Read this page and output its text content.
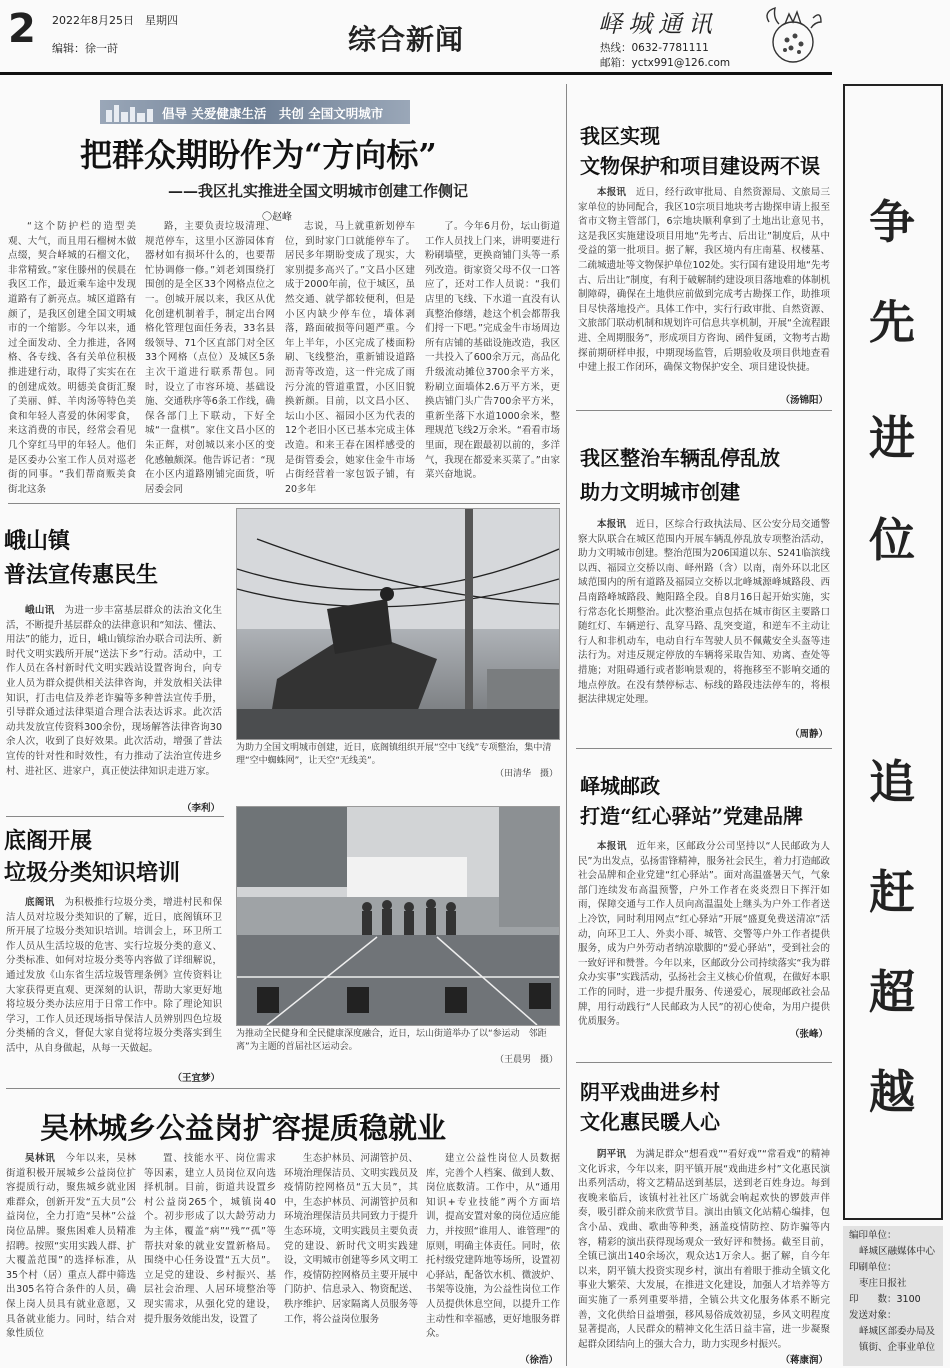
2 2022年8月25日　星期四
编辑：徐一莳	综合新闻	峄城通讯
热线：0632-7781111
邮箱：yctx991@126.com
倡导 关爱健康生活　共创 全国文明城市
把群众期盼作为“方向标”
——我区扎实推进全国文明城市创建工作侧记
〇赵峰

“这个防护栏的造型美观、大气，而且用石榴树木做点缀，契合峄城的石榴文化，非常精致。”家住滕州的侯晨在我区工作，最近乘车途中发现道路有了新亮点。城区道路有颜了，是我区创建全国文明城市的一个缩影。今年以来，通过全面发动、全力推进，各网格、各专线、各有关单位积极推进建行动，取得了实实在在的创建成效。明德美食街汇聚了美丽、鲜、羊肉汤等特色美食和年轻人喜爱的休闲零食，来这消费的市民，经常会看见几个穿红马甲的年轻人。他们是区委办公室工作人员对巡老街的同事。“我们帮商贩美食街北这条

路，主要负责垃圾清理、规范停车，这里小区游园体育器材如有损坏什么的，也要帮忙协调修一修。”刘老刘围绕打围创的是全区33个网格点位之一。创城开展以来，我区从优化创建机制着手，制定出台网格化管理包面任务表，33名县级领导、71个区直部门对全区33个网格（点位）及城区5条主次干道进行联系帮包。同时，设立了市容环境、基础设施、交通秩序等6条工作线，确保各部门上下联动，下好全城“一盘棋”。家住文昌小区的朱正辉，对创城以来小区的变化感触颇深。他告诉记者：“现在小区内道路刚铺完面货，听居委会同

志说，马上就重新划停车位，到时家门口就能停车了。居民多年期盼变成了现实，大家别提多高兴了。”文昌小区建成于2000年前，位于城区，虽然交通、就学都较便利，但是小区内缺少停车位，墙体剥落，路面破损等问题严重。今年上半年，小区完成了楼面粉刷、飞线整治，重新铺设道路沥青等改造，这一件完成了雨污分流的管道重置，小区旧貌换新颜。目前，以文昌小区、坛山小区、福园小区为代表的12个老旧小区已基本完成主体改造。和来王春在困样感受的是街管委会，她家住金牛市场占街经营着一家包饭子铺，有20多年

了。今年6月份，坛山街道工作人员找上门来，讲明要进行粉刷墙壁，更换商铺门头等一系列改造。街家资父母不仅一口答应了，还对工作人员说：“我们店里的飞线、下水道一直没有认真整治修缮，趁这个机会都帮我们捋一下吧。”完成金牛市场周边所有店铺的基础设施改造，我区一共投入了600余万元，高品化升级流动摊位3700余平方米，粉刷立面墙体2.6万平方米，更换店铺门头广告700余平方米，重新坐落下水道1000余米，整理规范飞线2万余米。“看看市场里面，现在跟最初以前的，多洋气，我现在都爱来买菜了。”由家菜兴奋地说。

峨山镇
普法宣传惠民生

峨山讯　 为进一步丰富基层群众的法治文化生活，不断提升基层群众的法律意识和“知法、懂法、用法”的能力，近日，峨山镇综治办联合司法所、新时代文明实践所开展“送法下乡”行动。活动中，工作人员在各村新时代文明实践站设置咨询台，向专业人员为群众提供相关法律咨询，并发放相关法律知识，打击电信及养老诈骗等多种普法宣传手册，引导群众通过法律渠道合理合法表达诉求。此次活动共发放宣传资料300余份，现场解答法律咨询30余人次，收到了良好效果。此次活动，增强了普法宣传的针对性和时效性，有力推动了法治宣传进乡村、进社区、进家户，真正使法律知识走进万家。

（李利）
为助力全国文明城市创建，近日，底阁镇组织开展“空中飞线”专项整治，集中清理“空中蜘蛛网”，让天空“无线美”。
（田清华　摄）
底阁开展
垃圾分类知识培训

底阁讯　 为积极推行垃圾分类，增进村民和保洁人员对垃圾分类知识的了解，近日，底阁镇环卫所开展了垃圾分类知识培训。培训会上，环卫所工作人员从生活垃圾的危害、实行垃圾分类的意义、分类标准、如何对垃圾分类等内容做了详细解说，通过发放《山东省生活垃圾管理条例》宣传资料让大家获得更直观、更深刻的认识，帮助大家更好地将垃圾分类办法应用于日常工作中。除了理论知识学习，工作人员还现场指导保洁人员辨别四色垃圾分类桶的含义，督促大家自觉将垃圾分类落实到生活中，从自身做起，从每一天做起。

（王宜梦）
为推动全民健身和全民健康深度融合，近日，坛山街道举办了以“参运动　邻距离”为主题的首届社区运动会。
（王晨男　摄）
吴林城乡公益岗扩容提质稳就业

吴林讯　 今年以来，吴林街道积极开展城乡公益岗位扩容提质行动，聚焦城乡就业困难群众，创新开发“五大员”公益岗位，全力打造“吴林”公益岗位品牌。聚焦困难人员精准招聘。按照“实用实践人群、扩大覆盖范围”的选择标准，从35个村（居）重点人群中筛选出305名符合条件的人员，确保上岗人员具有就业意愿，又具备就业能力。同时，结合对象性质位

置、技能水平、岗位需求等因素，建立人员岗位双向选择机制。目前，街道共设置乡村公益岗265个，城镇岗40个。初步形成了以大龄劳动力为主体，覆盖“病”“残”“孤”等帮扶对象的就业安置新格局。围绕中心任务设置“五大员”。立足党的建设、乡村振兴、基层社会治理、人居环境整治等现实需求，从强化党的建设，提升服务效能出发，设置了

生态护林员、河湖管护员、环境治理保洁员、文明实践员及疫情防控网格员“五大员”，其中，生态护林员、河湖管护员和环境治理保洁员共同致力于提升生态环境，文明实践员主要负责党的建设、新时代文明实践建设，文明城市创建等乡风文明工作，疫情防控网格员主要开展中门防护、信息录入、物资配送、秩序维护、居家隔离人员服务等工作，将公益岗位服务

建立公益性岗位人员数据库，完善个人档案、做到人数、岗位底数清。工作中，从“通用知识+专业技能”两个方面培训，提高安置对象的岗位适应能力，并按照“谁用人、谁管理”的原则，明确主体责任。同时，依托村级党建阵地等场所，设置初心驿站，配备饮水机、微波炉、书架等设施，为公益性岗位工作人员提供休息空间，以提升工作主动性和幸福感，更好地服务群众。

（徐浩）
我区实现
文物保护和项目建设两不误

本报讯　 近日，经行政审批局、自然资源局、文旅局三家单位的协同配合，我区10宗项目地块考古勘探申请上报至省市文物主管部门，6宗地块顺利拿到了土地出让意见书，这是我区实施建设项目用地“先考古、后出让”制度后，从中受益的第一批项目。据了解，我区境内有庄南墓、权楼墓、二疏城遗址等文物保护单位102处。实行国有建设用地“先考古、后出让”制度，有利于破解制约建设项目落地难的体制机制障碍，确保在土地供应前做到完成考古勘探工作，助推项目尽快落地投产。具体工作中，实行行政审批、自然资源、文旅部门联动机制和规划许可信息共享机制，开展“全流程跟进、全周期服务”，形成项目方咨询、函件复函，文物考古勘探前期研样申报，中期现场监管，后期验收及项目供地查看中建上报工作闭环，确保文物保护安全、项目建设快捷。

（汤锦阳）
我区整治车辆乱停乱放
助力文明城市创建

本报讯　 近日，区综合行政执法局、区公安分局交通警察大队联合在城区范围内开展车辆乱停乱放专项整治活动，助力文明城市创建。整治范围为206国道以东、S241临滨线以西、福园立交桥以南、峄州路（含）以南，南外环以北区域范围内的所有道路及福园立交桥以北峰城源峰城路段、西昌南路峰城路段、鲍阳路全段。自8月16日起开始实施，实行常态化长期整治。此次整治重点包括在城市街区主要路口随红灯、车辆逆行、乱穿马路、乱突变道，和逆车不主动让行人和非机动车，电动自行车驾驶人员不佩戴安全头盔等违法行为。对违反规定停放的车辆将采取告知、劝离、查处等措施；对阻碍通行或者影响景观的，将拖移至不影响交通的地点停放。在没有禁停标志、标线的路段违法停车的，将根据法律规定处理。

（周静）
峄城邮政
打造“红心驿站”党建品牌

本报讯　 近年来，区邮政分公司坚持以“人民邮政为人民”为出发点，弘扬雷锋精神，服务社会民生，着力打造邮政社会品牌和企业党建“红心驿站”。面对高温盛暑天气，气象部门连续发布高温预警，户外工作者在炎炎烈日下挥汗如雨，保障交通与工作人员向高温温处上继头为户外工作者送上冷饮，同时利用网点“红心驿站”开展“盛夏免费送清凉”活动，向环卫工人、外卖小哥、城管、交警等户外工作者提供服务，成为户外劳动者纳凉歇脚的“爱心驿站”，受到社会的一致好评和赞誉。今年以来，区邮政分公司持续落实“我为群众办实事”实践活动，弘扬社会主义核心价值观，在做好本职工作的同时，进一步提升服务、传递爱心，展现邮政社会品牌，用行动践行“人民邮政为人民”的初心使命，为用户提供优质服务。

（张峰）
阴平戏曲进乡村
文化惠民暖人心

阴平讯　 为满足群众“想看戏”“看好戏”“常看戏”的精神文化诉求，今年以来，阴平镇开展“戏曲进乡村”文化惠民演出系列活动，将文艺精品送到基层，送到老百姓身边。每到夜晚来临后，该镇村社社区广场就会响起欢快的锣鼓声伴奏，吸引群众前来欣赏节目。演出由镇文化站精心编排，包含小品、戏曲、歌曲等种类，涵盖疫情防控、防诈骗等内容，精彩的演出获得现场观众一致好评和赞扬。截至目前，全镇已演出140余场次，观众达1万余人。据了解，自今年以来，阴平镇大投资实现乡村，演出有着眼于推动全镇文化事业大繁荣、大发展，在推进文化建设，加强人才培养等方面实施了一系列重要举措，全镇公共文化服务体系不断完善，文化供给日益增强，移风易俗成效初显，乡风文明程度显著提高，人民群众的精神文化生活日益丰富，进一步凝聚起群众团结向上的强大合力，助力实现乡村振兴。

（蒋康润）
争
先
进
位
追
赶
超
越
编印单位：
峄城区融媒体中心
印刷单位：
枣庄日报社
印　　数：3100
发送对象：
峄城区部委办局及
镇街、企事业单位
